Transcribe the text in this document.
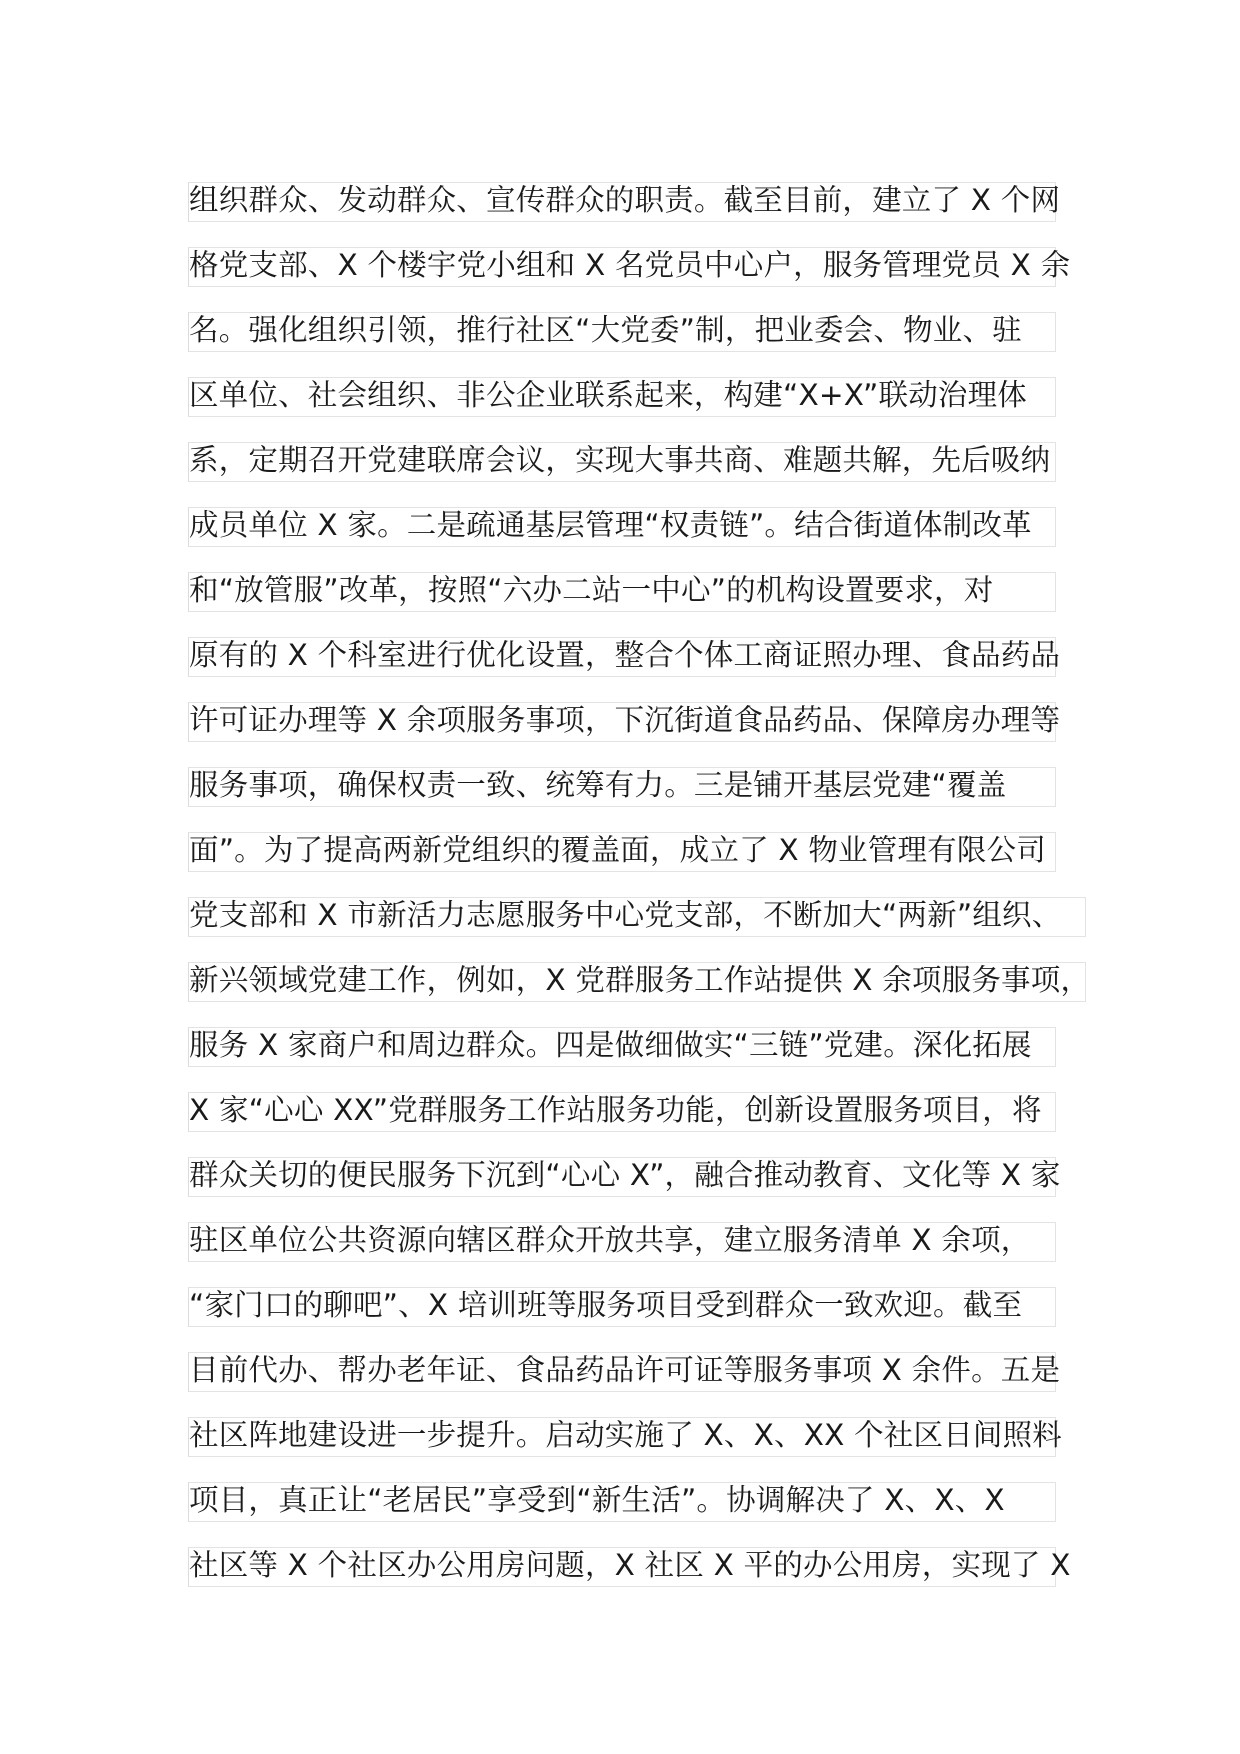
组织群众、发动群众、宣传群众的职责。截至目前，建立了 X 个网
格党支部、X 个楼宇党小组和 X 名党员中心户，服务管理党员 X 余
名。强化组织引领，推行社区“大党委”制，把业委会、物业、驻
区单位、社会组织、非公企业联系起来，构建“X+X”联动治理体
系，定期召开党建联席会议，实现大事共商、难题共解，先后吸纳
成员单位 X 家。二是疏通基层管理“权责链”。结合街道体制改革
和“放管服”改革，按照“六办二站一中心”的机构设置要求，对
原有的 X 个科室进行优化设置，整合个体工商证照办理、食品药品
许可证办理等 X 余项服务事项，下沉街道食品药品、保障房办理等
服务事项，确保权责一致、统筹有力。三是铺开基层党建“覆盖
面”。为了提高两新党组织的覆盖面，成立了 X 物业管理有限公司
党支部和 X 市新活力志愿服务中心党支部，不断加大“两新”组织、
新兴领域党建工作，例如，X 党群服务工作站提供 X 余项服务事项，
服务 X 家商户和周边群众。四是做细做实“三链”党建。深化拓展
X 家“心心 XX”党群服务工作站服务功能，创新设置服务项目，将
群众关切的便民服务下沉到“心心 X”，融合推动教育、文化等 X 家
驻区单位公共资源向辖区群众开放共享，建立服务清单 X 余项，
“家门口的聊吧”、X 培训班等服务项目受到群众一致欢迎。截至
目前代办、帮办老年证、食品药品许可证等服务事项 X 余件。五是
社区阵地建设进一步提升。启动实施了 X、X、XX 个社区日间照料
项目，真正让“老居民”享受到“新生活”。协调解决了 X、X、X
社区等 X 个社区办公用房问题，X 社区 X 平的办公用房，实现了 X
